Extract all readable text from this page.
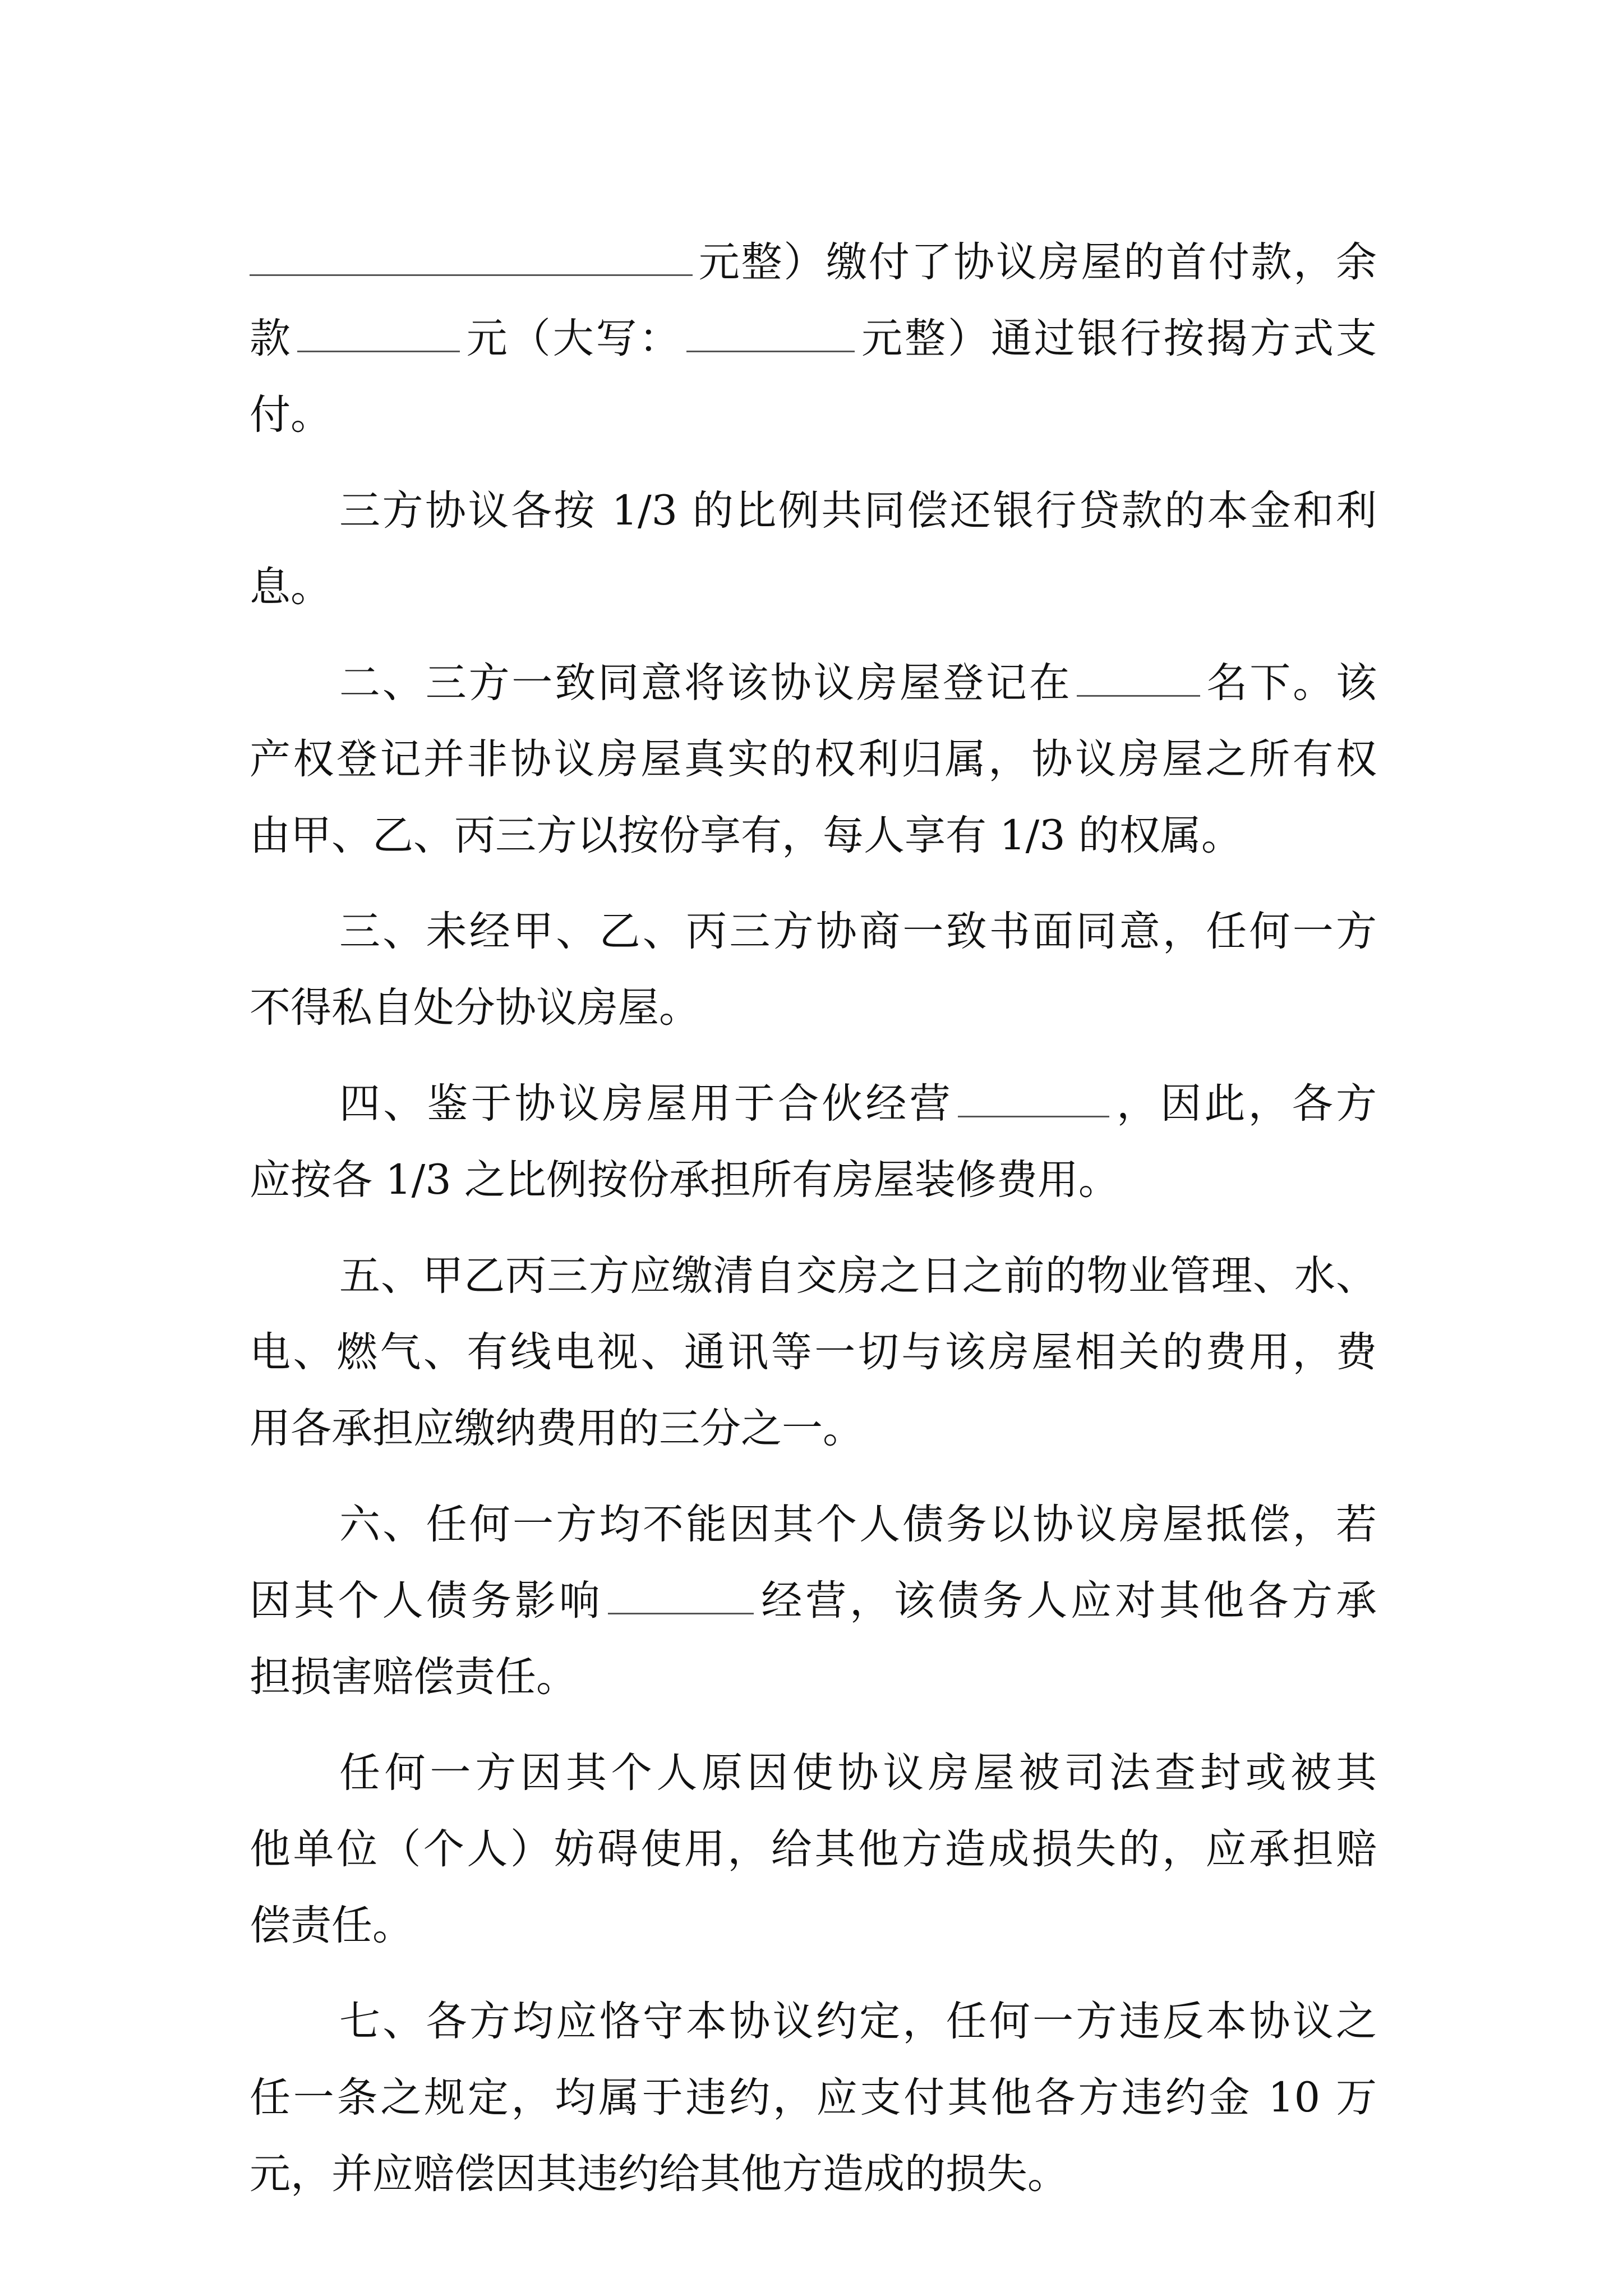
元整）缴付了协议房屋的首付款，余
款	元（大写：	元整）通过银行按揭方式支
付。
三方协议各按 1/3 的比例共同偿还银行贷款的本金和利
息。
二、三方一致同意将该协议房屋登记在	名下。该
产权登记并非协议房屋真实的权利归属，协议房屋之所有权
由甲、乙、丙三方以按份享有，每人享有 1/3 的权属。
三、未经甲、乙、丙三方协商一致书面同意，任何一方
不得私自处分协议房屋。
四、鉴于协议房屋用于合伙经营	，因此，各方
应按各 1/3 之比例按份承担所有房屋装修费用。
五、甲乙丙三方应缴清自交房之日之前的物业管理、水、
电、燃气、有线电视、通讯等一切与该房屋相关的费用，费
用各承担应缴纳费用的三分之一。
六、任何一方均不能因其个人债务以协议房屋抵偿，若
因其个人债务影响	经营，该债务人应对其他各方承
担损害赔偿责任。
任何一方因其个人原因使协议房屋被司法查封或被其
他单位（个人）妨碍使用，给其他方造成损失的，应承担赔
偿责任。
七、各方均应恪守本协议约定，任何一方违反本协议之
任一条之规定，均属于违约，应支付其他各方违约金 10 万
元，并应赔偿因其违约给其他方造成的损失。
